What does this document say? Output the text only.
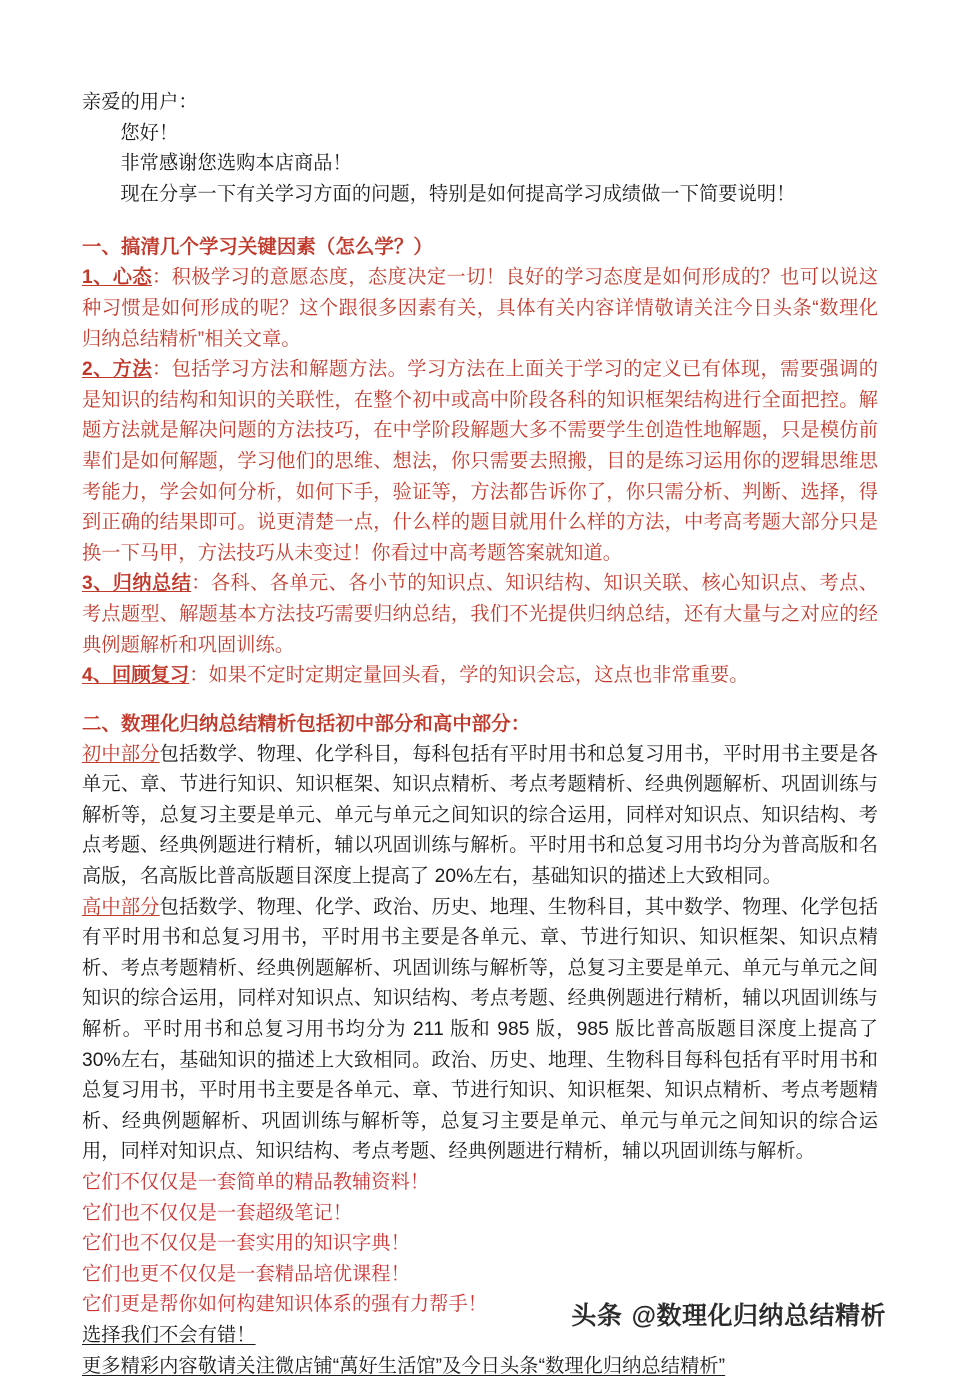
亲爱的用户：

您好！

非常感谢您选购本店商品！

现在分享一下有关学习方面的问题，特别是如何提高学习成绩做一下简要说明！

一、搞清几个学习关键因素（怎么学？）

1、心态：积极学习的意愿态度，态度决定一切！良好的学习态度是如何形成的？也可以说这种习惯是如何形成的呢？这个跟很多因素有关，具体有关内容详情敬请关注今日头条“数理化归纳总结精析”相关文章。

2、方法：包括学习方法和解题方法。学习方法在上面关于学习的定义已有体现，需要强调的是知识的结构和知识的关联性，在整个初中或高中阶段各科的知识框架结构进行全面把控。解题方法就是解决问题的方法技巧，在中学阶段解题大多不需要学生创造性地解题，只是模仿前辈们是如何解题，学习他们的思维、想法，你只需要去照搬，目的是练习运用你的逻辑思维思考能力，学会如何分析，如何下手，验证等，方法都告诉你了，你只需分析、判断、选择，得到正确的结果即可。说更清楚一点，什么样的题目就用什么样的方法，中考高考题大部分只是换一下马甲，方法技巧从未变过！你看过中高考题答案就知道。

3、归纳总结：各科、各单元、各小节的知识点、知识结构、知识关联、核心知识点、考点、考点题型、解题基本方法技巧需要归纳总结，我们不光提供归纳总结，还有大量与之对应的经典例题解析和巩固训练。

4、回顾复习：如果不定时定期定量回头看，学的知识会忘，这点也非常重要。

二、数理化归纳总结精析包括初中部分和高中部分：

初中部分包括数学、物理、化学科目，每科包括有平时用书和总复习用书，平时用书主要是各单元、章、节进行知识、知识框架、知识点精析、考点考题精析、经典例题解析、巩固训练与解析等，总复习主要是单元、单元与单元之间知识的综合运用，同样对知识点、知识结构、考点考题、经典例题进行精析，辅以巩固训练与解析。平时用书和总复习用书均分为普高版和名高版，名高版比普高版题目深度上提高了 20%左右，基础知识的描述上大致相同。

高中部分包括数学、物理、化学、政治、历史、地理、生物科目，其中数学、物理、化学包括有平时用书和总复习用书，平时用书主要是各单元、章、节进行知识、知识框架、知识点精析、考点考题精析、经典例题解析、巩固训练与解析等，总复习主要是单元、单元与单元之间知识的综合运用，同样对知识点、知识结构、考点考题、经典例题进行精析，辅以巩固训练与解析。平时用书和总复习用书均分为 211 版和 985 版，985 版比普高版题目深度上提高了 30%左右，基础知识的描述上大致相同。政治、历史、地理、生物科目每科包括有平时用书和总复习用书，平时用书主要是各单元、章、节进行知识、知识框架、知识点精析、考点考题精析、经典例题解析、巩固训练与解析等，总复习主要是单元、单元与单元之间知识的综合运用，同样对知识点、知识结构、考点考题、经典例题进行精析，辅以巩固训练与解析。

它们不仅仅是一套简单的精品教辅资料！

它们也不仅仅是一套超级笔记！

它们也不仅仅是一套实用的知识字典！

它们也更不仅仅是一套精品培优课程！

它们更是帮你如何构建知识体系的强有力帮手！

选择我们不会有错！

更多精彩内容敬请关注微店铺“萬好生活馆”及今日头条“数理化归纳总结精析”

头条 @数理化归纳总结精析
